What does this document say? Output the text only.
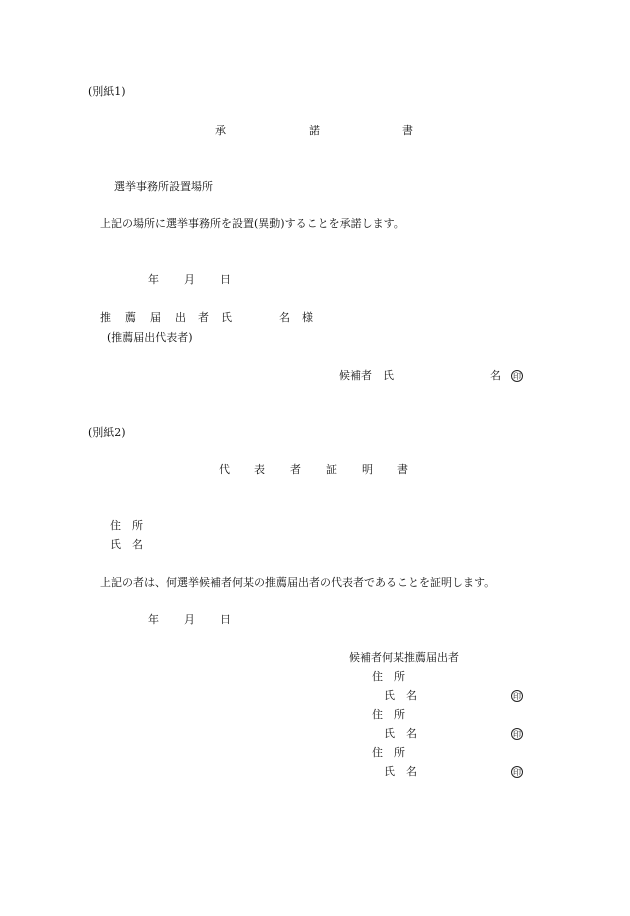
(別紙1)
承	諾	書
選挙事務所設置場所
上記の場所に選挙事務所を設置(異動)することを承諾します。
年 月 日
推 薦 届 出 者 氏	名 様
(推薦届出代表者)
候補者　氏	名 印
(別紙2)
代 表 者 証 明 書
住　所
氏　名
上記の者は、何選挙候補者何某の推薦届出者の代表者であることを証明します。
年 月 日
候補者何某推薦届出者
住　所
氏　名	印
住　所
氏　名	印
住　所
氏　名	印
